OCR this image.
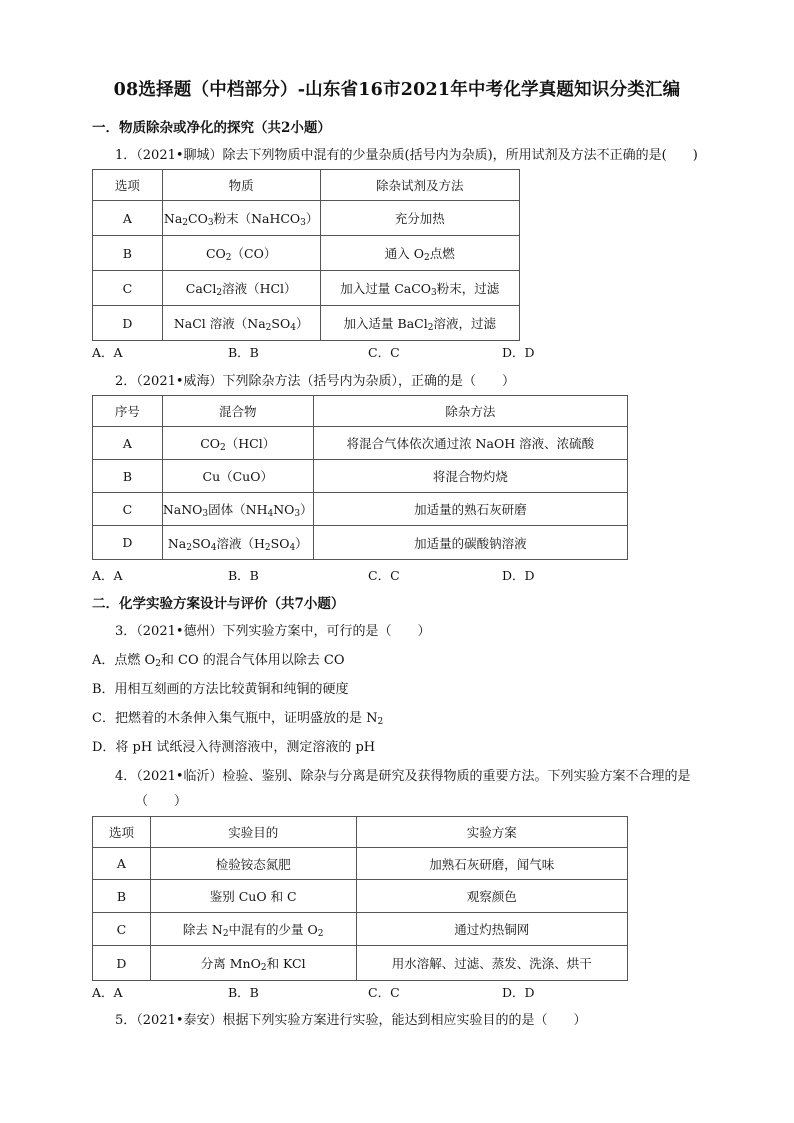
08选择题（中档部分）-山东省16市2021年中考化学真题知识分类汇编
一．物质除杂或净化的探究（共2小题）
1．（2021•聊城）除去下列物质中混有的少量杂质(括号内为杂质)，所用试剂及方法不正确的是(　　)
选项	物质	除杂试剂及方法
A	$Na_2CO_3$粉末（NaHCO$_3$）	充分加热
B	$CO_2(CO)$	通入 $O_2$点燃
C	CaCl$_2$溶液（HCl）	加入过量 CaCO$_3$粉末，过滤
D	NaCl 溶液$(Na_2SO_4)$	加入适量 BaCl$_2$溶液，过滤
A．A	B．B	C．C	D．D
2．（2021•威海）下列除杂方法（括号内为杂质），正确的是（　　）
序号	混合物	除杂方法
A	$CO_2(HCl)$	将混合气体依次通过浓 NaOH 溶液、浓硫酸
B	Cu（CuO）	将混合物灼烧
C	NaNO$_3$固体$(NH_4NO_3)$	加适量的熟石灰研磨
D	$Na_2SO_4$溶液$(H_2SO_4)$	加适量的碳酸钠溶液
A．A	B．B	C．C	D．D
二．化学实验方案设计与评价（共7小题）
3．（2021•德州）下列实验方案中，可行的是（　　）
A．点燃 $O_2$和 CO 的混合气体用以除去 CO
B．用相互刻画的方法比较黄铜和纯铜的硬度
C．把燃着的木条伸入集气瓶中，证明盛放的是 $N_2$
D．将 pH 试纸浸入待测溶液中，测定溶液的 pH
4．（2021•临沂）检验、鉴别、除杂与分离是研究及获得物质的重要方法。下列实验方案不合理的是
（　　）
选项	实验目的	实验方案
A	检验铵态氮肥	加熟石灰研磨，闻气味
B	鉴别 CuO 和 C	观察颜色
C	除去 $N_2$中混有的少量 $O_2$	通过灼热铜网
D	分离 MnO$_2$和 KCl	用水溶解、过滤、蒸发、洗涤、烘干
A．A	B．B	C．C	D．D
5．（2021•泰安）根据下列实验方案进行实验，能达到相应实验目的的是（　　）
